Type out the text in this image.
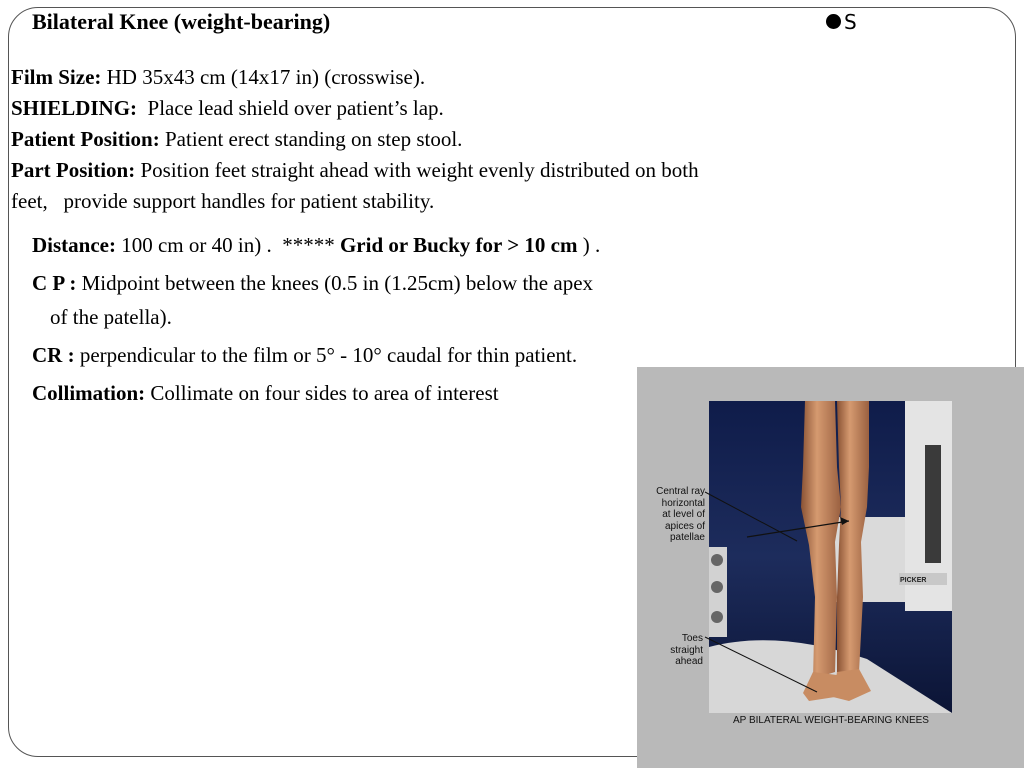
Bilateral Knee (weight-bearing)	S

Film Size: HD 35x43 cm (14x17 in) (crosswise).

SHIELDING:  Place lead shield over patient’s lap.

Patient Position: Patient erect standing on step stool.

Part Position: Position feet straight ahead with weight evenly distributed on both feet,   provide support handles for patient stability.

Distance: 100 cm or 40 in) .  ***** Grid or Bucky for > 10 cm ) .
C P : Midpoint between the knees (0.5 in (1.25cm) below the apex
of the patella).
CR : perpendicular to the film or 5° - 10° caudal for thin patient.
Collimation: Collimate on four sides to area of interest
PICKER
Central ray
horizontal
at level of
apices of
patellae
Toes
straight
ahead
AP BILATERAL WEIGHT-BEARING KNEES
